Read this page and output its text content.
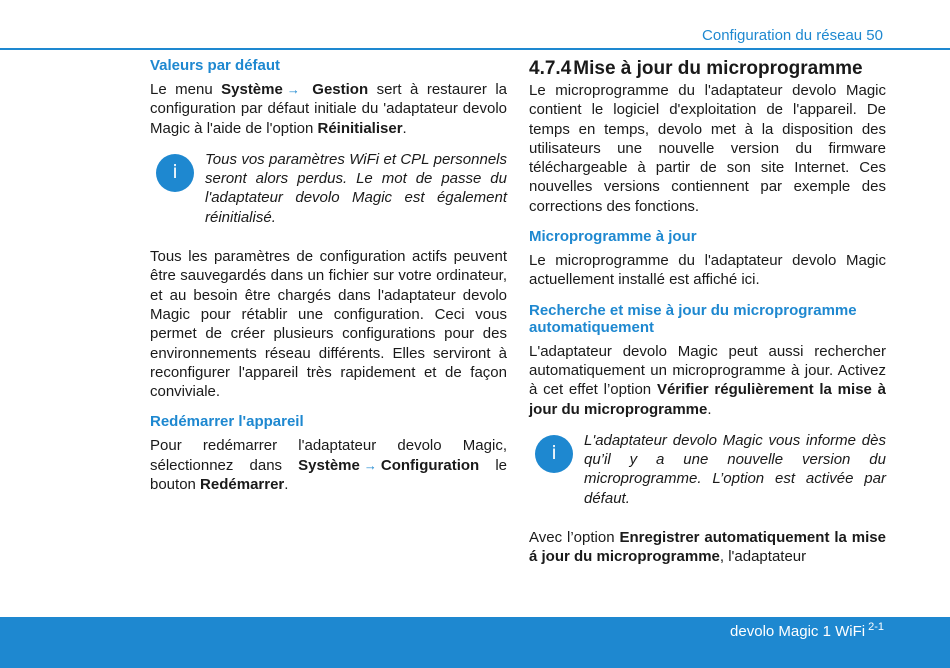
Configuration du réseau 50
Valeurs par défaut

Le menu Système → Gestion sert à restaurer la configuration par défaut initiale du 'adaptateur devolo Magic à l'aide de l'option Réinitialiser.

i
Tous vos paramètres WiFi et CPL personnels seront alors perdus. Le mot de passe du l'adaptateur devolo Magic est également réinitialisé.

Tous les paramètres de configuration actifs peuvent être sauvegardés dans un fichier sur votre ordinateur, et au besoin être chargés dans l'adaptateur devolo Magic pour rétablir une configuration. Ceci vous permet de créer plusieurs configurations pour des environnements réseau différents. Elles serviront à reconfigurer l'appareil très rapidement et de façon conviviale.

Redémarrer l'appareil

Pour redémarrer l'adaptateur devolo Magic, sélectionnez dans Système → Configuration le bouton Redémarrer.

4.7.4 Mise à jour du microprogramme

Le microprogramme du l'adaptateur devolo Magic contient le logiciel d'exploitation de l'appareil. De temps en temps, devolo met à la disposition des utilisateurs une nouvelle version du firmware téléchargeable à partir de son site Internet. Ces nouvelles versions contiennent par exemple des corrections des fonctions.

Microprogramme à jour

Le microprogramme du l'adaptateur devolo Magic actuellement installé est affiché ici.

Recherche et mise à jour du microprogramme automatiquement

L'adaptateur devolo Magic peut aussi rechercher automatiquement un microprogramme à jour. Activez à cet effet l’option Vérifier régulièrement la mise à jour du microprogramme.

i
L'adaptateur devolo Magic vous informe dès qu’il y a une nouvelle version du microprogramme. L’option est activée par défaut.

Avec l’option Enregistrer automatiquement la mise á jour du microprogramme, l'adaptateur

devolo Magic 1 WiFi $^{2-1}$
